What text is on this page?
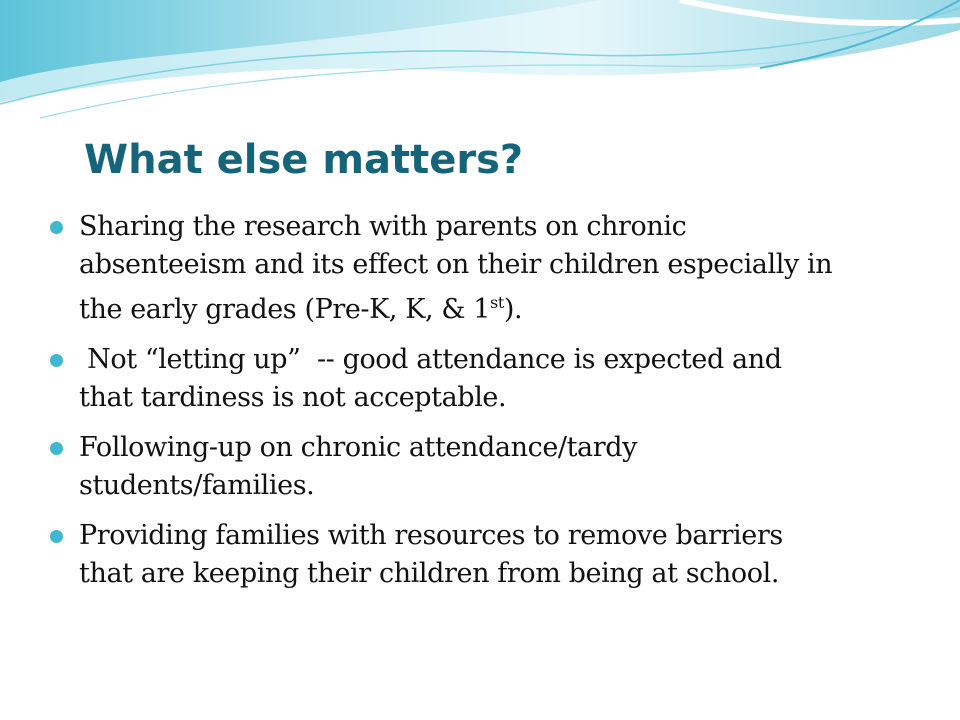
What else matters?
Sharing the research with parents on chronic
absenteeism and its effect on their children especially in
the early grades (Pre-K, K, & 1st).
Not “letting up”  -- good attendance is expected and
that tardiness is not acceptable.
Following-up on chronic attendance/tardy
students/families.
Providing families with resources to remove barriers
that are keeping their children from being at school.
